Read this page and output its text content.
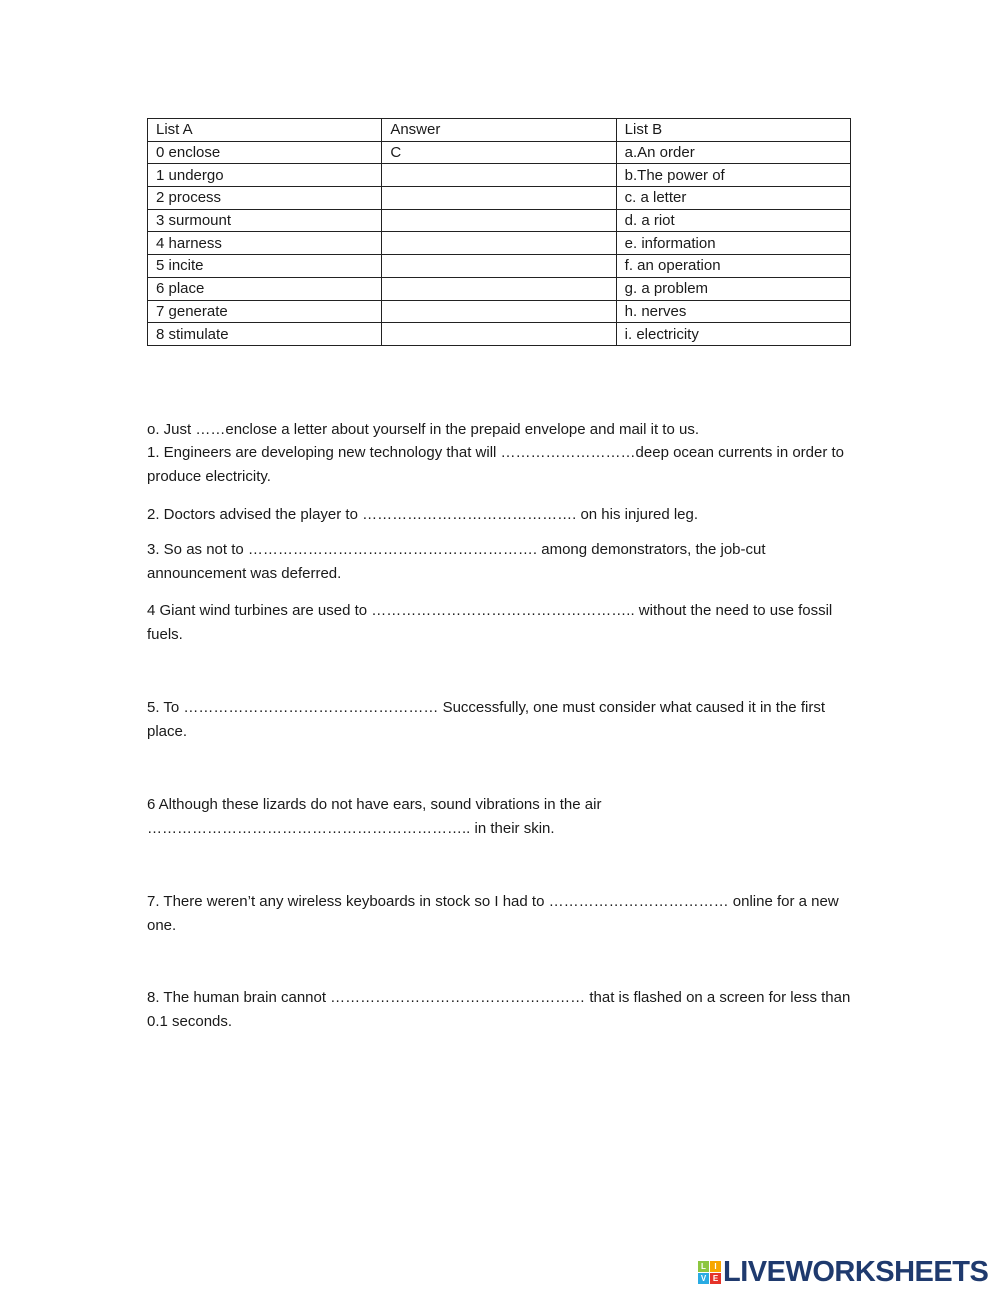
List A	Answer	List B
0 enclose	C	a.An order
1 undergo		b.The power of
2 process		c. a letter
3 surmount		d. a riot
4 harness		e. information
5 incite		f. an operation
6 place		g. a problem
7 generate		h. nerves
8 stimulate		i. electricity

o. Just ……enclose a letter about yourself in the prepaid envelope and mail it to us.

1. Engineers are developing new technology that will ………………………deep ocean currents in order to produce electricity.

2. Doctors advised the player to ……………………………………. on his injured leg.

3. So as not to …………………………………………………. among demonstrators, the job-cut announcement was deferred.

4 Giant wind turbines are used to …………………………………………….. without the need to use fossil fuels.

5. To …………………………………………… Successfully, one must consider what caused it in the first place.

6 Although these lizards do not have ears, sound vibrations in the air ……………………………………………………….. in their skin.

7. There weren’t any wireless keyboards in stock so I had to ……………………………… online for a new one.

8. The human brain cannot …………………………………………… that is flashed on a screen for less than 0.1 seconds.

L	I
V E LIVEWORKSHEETS
